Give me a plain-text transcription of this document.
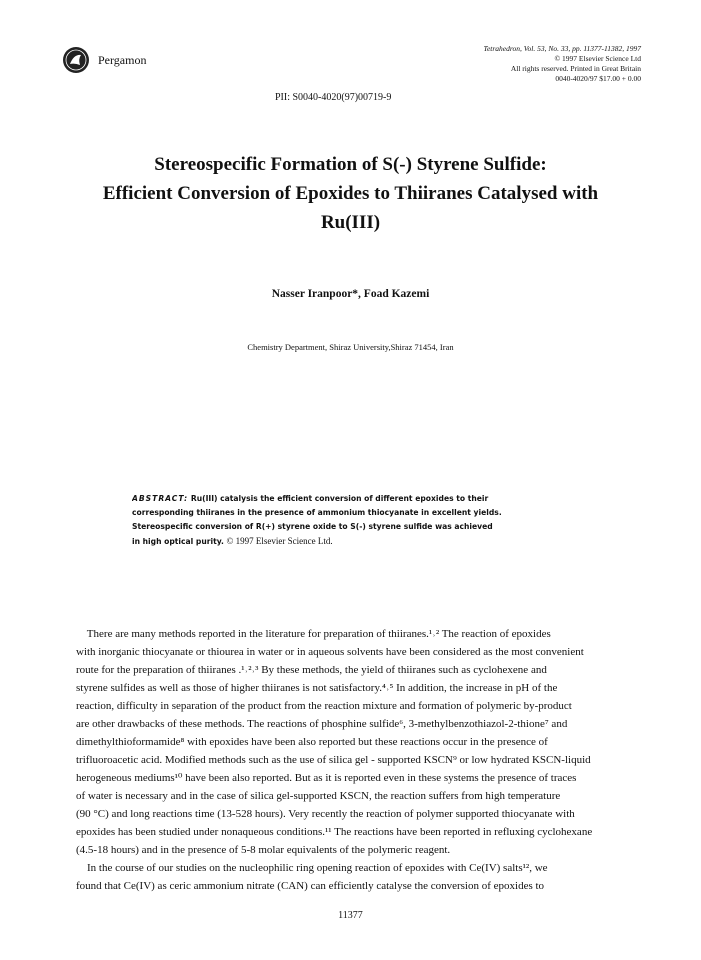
Pergamon
Tetrahedron, Vol. 53, No. 33, pp. 11377-11382, 1997
© 1997 Elsevier Science Ltd
All rights reserved. Printed in Great Britain
0040-4020/97 $17.00 + 0.00
PII: S0040-4020(97)00719-9
Stereospecific Formation of S(-) Styrene Sulfide:
Efficient Conversion of Epoxides to Thiiranes Catalysed with
Ru(III)
Nasser Iranpoor*, Foad Kazemi
Chemistry Department, Shiraz University,Shiraz 71454, Iran
ABSTRACT: Ru(III) catalysis the efficient conversion of different epoxides to their
corresponding thiiranes in the presence of ammonium thiocyanate in excellent yields.
Stereospecific conversion of R(+) styrene oxide to S(-) styrene sulfide was achieved
in high optical purity. © 1997 Elsevier Science Ltd.
There are many methods reported in the literature for preparation of thiiranes.¹˒² The reaction of epoxides
with inorganic thiocyanate or thiourea in water or in aqueous solvents have been considered as the most convenient
route for the preparation of thiiranes .¹˒²˒³ By these methods, the yield of thiiranes such as cyclohexene and
styrene sulfides as well as those of higher thiiranes is not satisfactory.⁴˒⁵ In addition, the increase in pH of the
reaction, difficulty in separation of the product from the reaction mixture and formation of polymeric by-product
are other drawbacks of these methods. The reactions of phosphine sulfide⁶, 3-methylbenzothiazol-2-thione⁷ and
dimethylthioformamide⁸ with epoxides have been also reported but these reactions occur in the presence of
trifluoroacetic acid. Modified methods such as the use of silica gel - supported KSCN⁹ or low hydrated KSCN-liquid
herogeneous mediums¹⁰ have been also reported. But as it is reported even in these systems the presence of traces
of water is necessary and in the case of silica gel-supported KSCN, the reaction suffers from high temperature
(90 °C) and long reactions time (13-528 hours). Very recently the reaction of polymer supported thiocyanate with
epoxides has been studied under nonaqueous conditions.¹¹ The reactions have been reported in refluxing cyclohexane
(4.5-18 hours) and in the presence of 5-8 molar equivalents of the polymeric reagent.
In the course of our studies on the nucleophilic ring opening reaction of epoxides with Ce(IV) salts¹², we
found that Ce(IV) as ceric ammonium nitrate (CAN) can efficiently catalyse the conversion of epoxides to
11377
